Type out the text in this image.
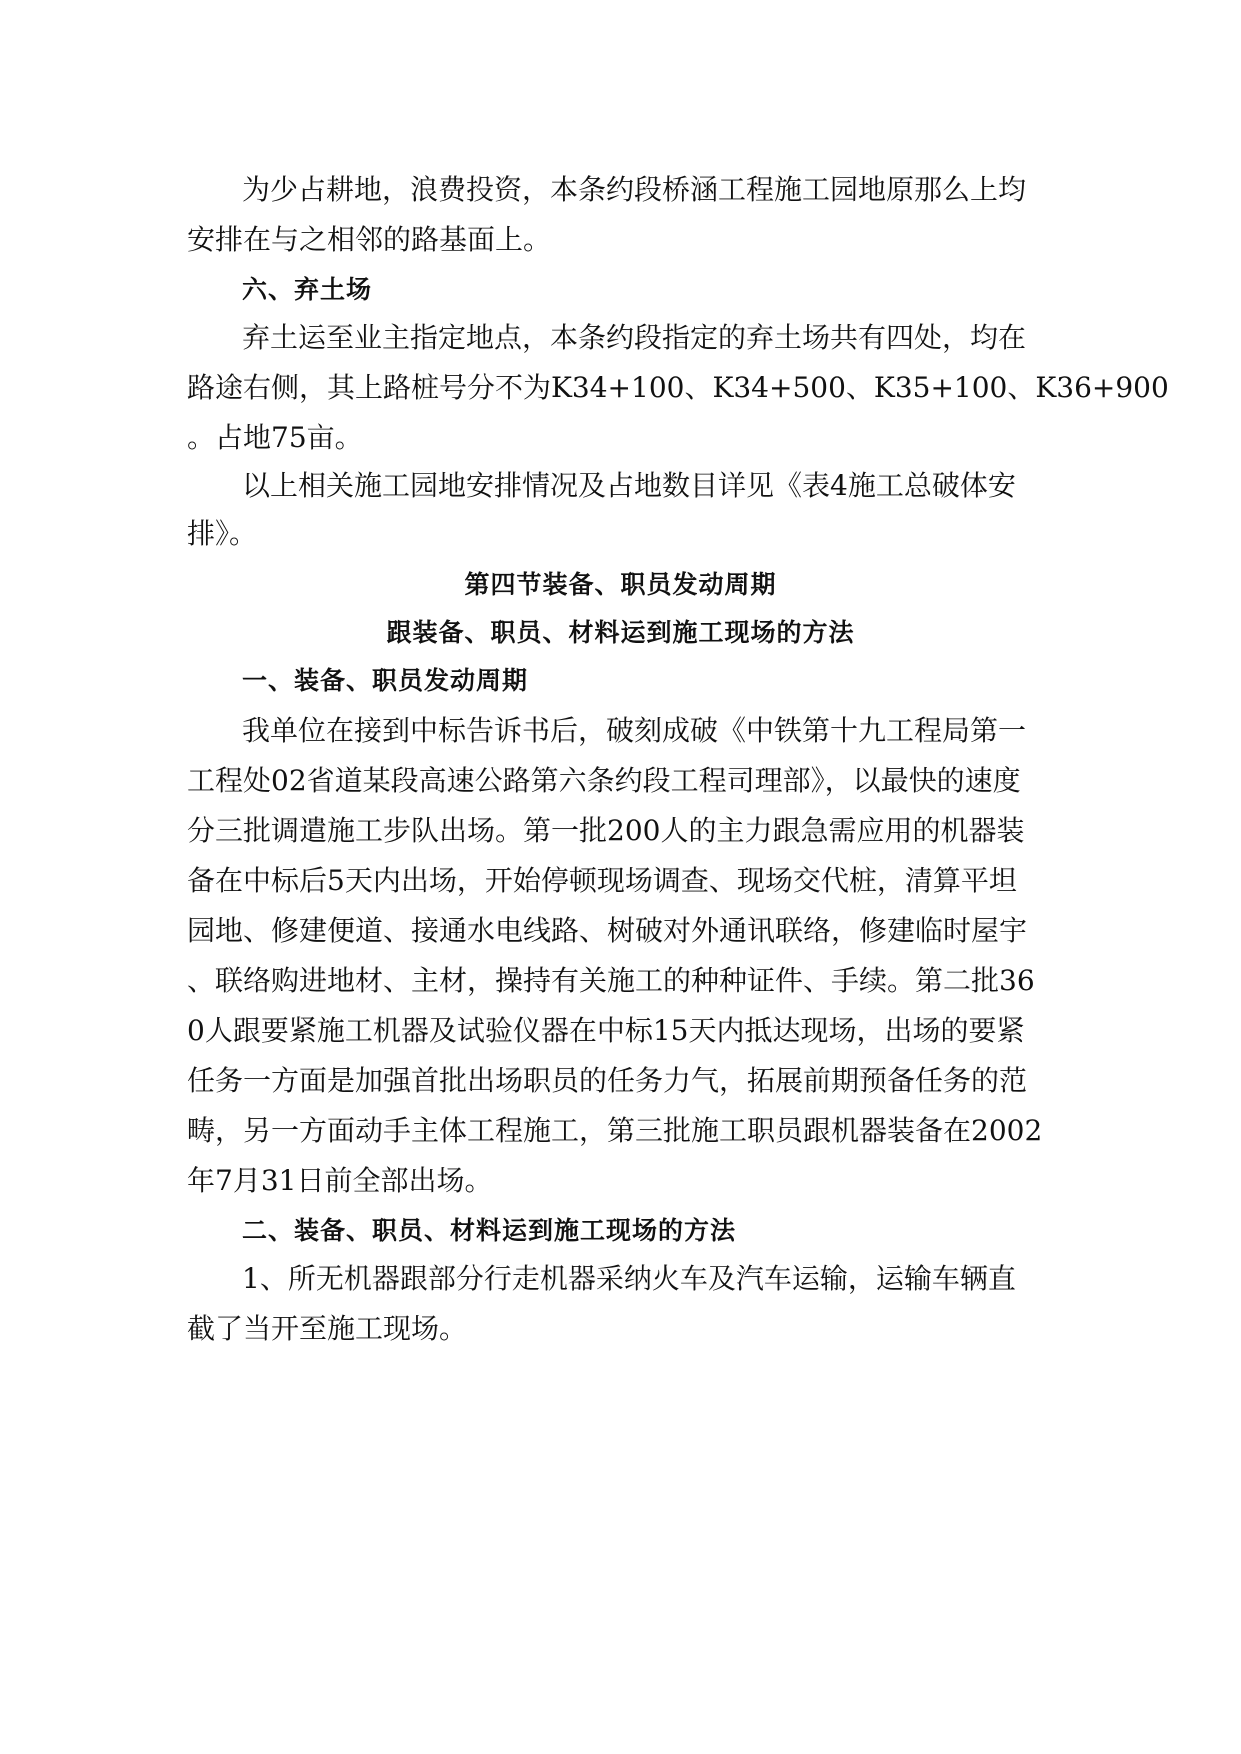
为少占耕地，浪费投资，本条约段桥涵工程施工园地原那么上均
安排在与之相邻的路基面上。
六、弃土场
弃土运至业主指定地点，本条约段指定的弃土场共有四处，均在
路途右侧，其上路桩号分不为K34+100、K34+500、K35+100、K36+900
。占地75亩。
以上相关施工园地安排情况及占地数目详见《表4施工总破体安
排》。
第四节装备、职员发动周期
跟装备、职员、材料运到施工现场的方法
一、装备、职员发动周期
我单位在接到中标告诉书后，破刻成破《中铁第十九工程局第一
工程处02省道某段高速公路第六条约段工程司理部》，以最快的速度
分三批调遣施工步队出场。第一批200人的主力跟急需应用的机器装
备在中标后5天内出场，开始停顿现场调查、现场交代桩，清算平坦
园地、修建便道、接通水电线路、树破对外通讯联络，修建临时屋宇
、联络购进地材、主材，操持有关施工的种种证件、手续。第二批36
0人跟要紧施工机器及试验仪器在中标15天内抵达现场，出场的要紧
任务一方面是加强首批出场职员的任务力气，拓展前期预备任务的范
畴，另一方面动手主体工程施工，第三批施工职员跟机器装备在2002
年7月31日前全部出场。
二、装备、职员、材料运到施工现场的方法
1、所无机器跟部分行走机器采纳火车及汽车运输，运输车辆直
截了当开至施工现场。
